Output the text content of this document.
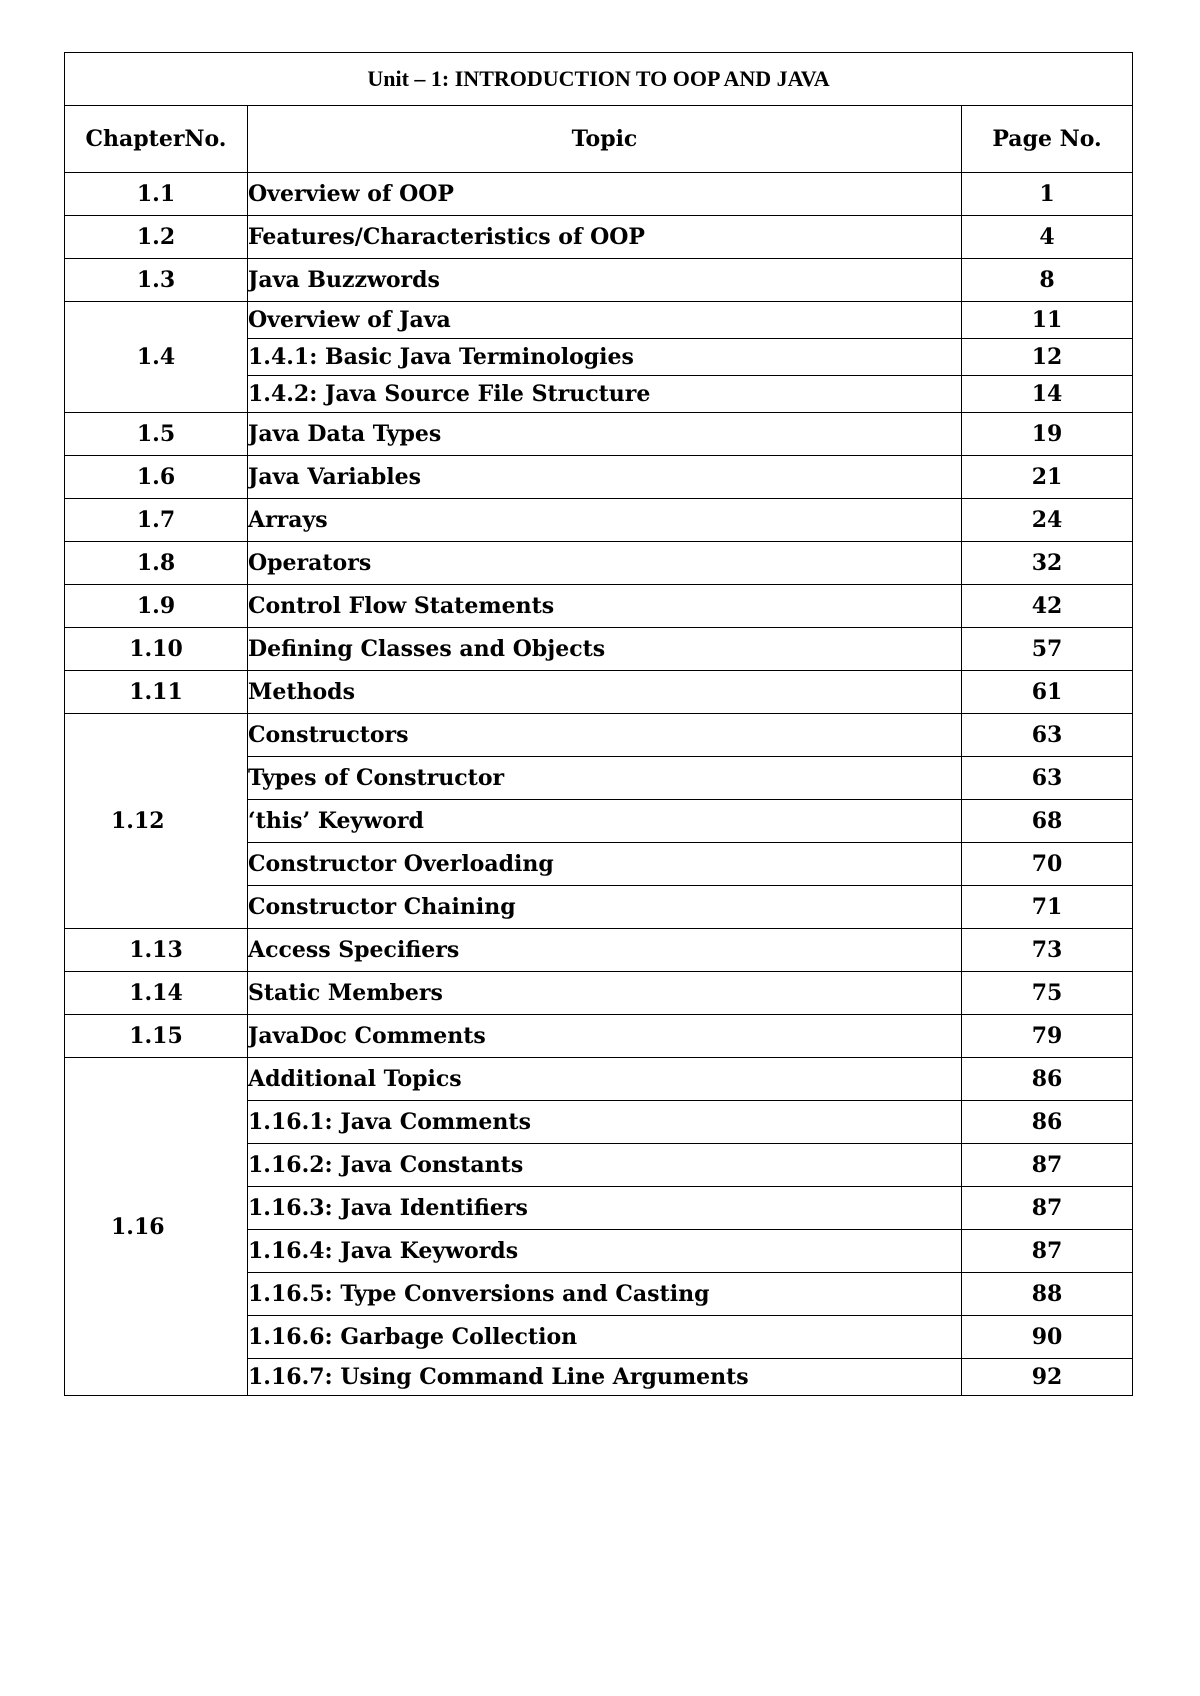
Unit – 1: INTRODUCTION TO OOP AND JAVA		
ChapterNo.	Topic	Page No.
1.1	Overview of OOP	1
1.2	Features/Characteristics of OOP	4
1.3	Java Buzzwords	8
1.4	Overview of Java	11
	1.4.1: Basic Java Terminologies	12
	1.4.2: Java Source File Structure	14
1.5	Java Data Types	19
1.6	Java Variables	21
1.7	Arrays	24
1.8	Operators	32
1.9	Control Flow Statements	42
1.10	Defining Classes and Objects	57
1.11	Methods	61
1.12	Constructors	63
	Types of Constructor	63
	‘this’ Keyword	68
	Constructor Overloading	70
	Constructor Chaining	71
1.13	Access Specifiers	73
1.14	Static Members	75
1.15	JavaDoc Comments	79
1.16	Additional Topics	86
	1.16.1: Java Comments	86
	1.16.2: Java Constants	87
	1.16.3: Java Identifiers	87
	1.16.4: Java Keywords	87
	1.16.5: Type Conversions and Casting	88
	1.16.6: Garbage Collection	90
	1.16.7: Using Command Line Arguments	92
